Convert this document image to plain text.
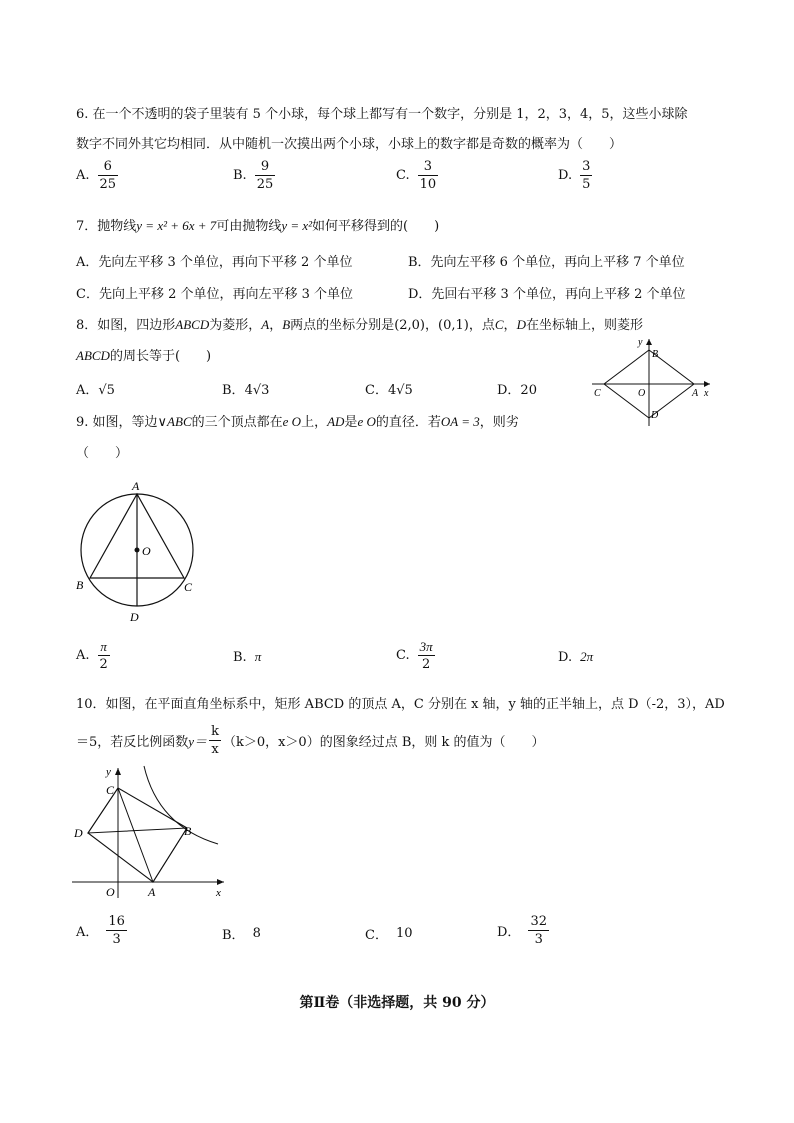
6. 在一个不透明的袋子里装有 5 个小球，每个球上都写有一个数字，分别是 1，2，3，4，5，这些小球除
数字不同外其它均相同．从中随机一次摸出两个小球，小球上的数字都是奇数的概率为（　　）
A. $\frac{6}{25}$	B. $\frac{9}{25}$	C. $\frac{3}{10}$	D. $\frac{3}{5}$
7．抛物线y = x² + 6x + 7可由抛物线y = x²如何平移得到的(　　)
A．先向左平移 3 个单位，再向下平移 2 个单位	B．先向左平移 6 个单位，再向上平移 7 个单位
C．先向上平移 2 个单位，再向左平移 3 个单位	D．先回右平移 3 个单位，再向上平移 2 个单位
8．如图，四边形ABCD为菱形，A，B两点的坐标分别是(2,0)，(0,1)，点C，D在坐标轴上，则菱形
ABCD的周长等于(　　)
A．√5	B．4√3	C．4√5	D．20
y
B
C	O	A x
D
9. 如图，等边∨ABC的三个顶点都在e O上，AD是e O的直径．若OA = 3，则劣
（　　）
A
O
B	C
D
A. $\frac{\pi}{2}$	B. π	C. $\frac{3\pi}{2}$	D. 2π
10．如图，在平面直角坐标系中，矩形 ABCD 的顶点 A，C 分别在 x 轴，y 轴的正半轴上，点 D（-2，3），AD
＝5，若反比例函数 $y= \frac{k}{x} (k>0$，x＞0）的图象经过点 B，则 k 的值为（　　）
y
C
D	B
O	A	x
A． $\frac{16}{3}$	B． 8	C． 10	D． $\frac{32}{3}$
第Ⅱ卷（非选择题，共 90 分）
